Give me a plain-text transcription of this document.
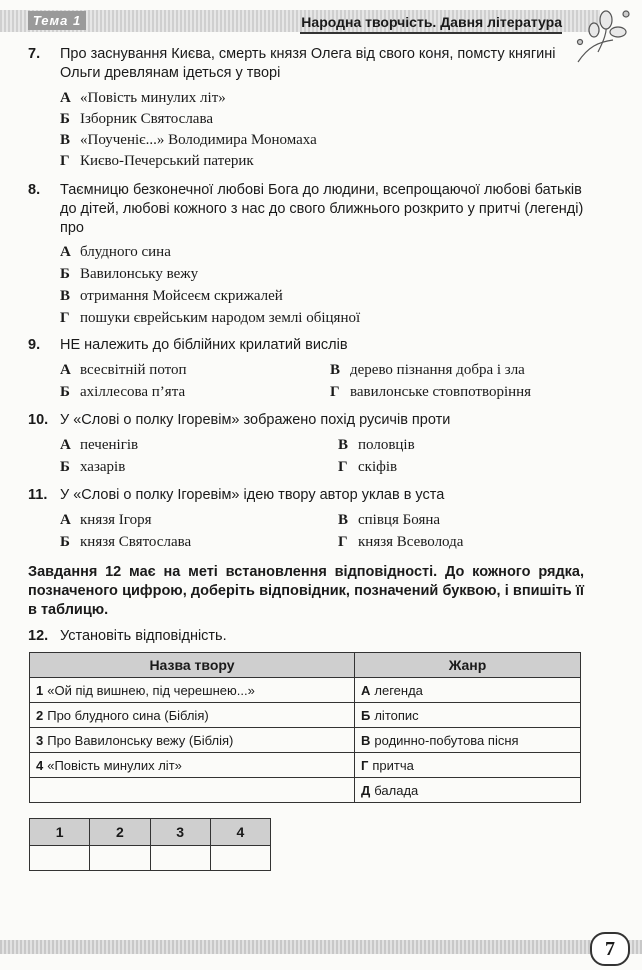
Тема 1	Народна творчість. Давня література
7. Про заснування Києва, смерть князя Олега від свого коня, помсту княгині Ольги древлянам ідеться у творі
А «Повість минулих літ»
Б Ізборник Святослава
В «Поученіє...» Володимира Мономаха
Г Києво-Печерський патерик
8. Таємницю безконечної любові Бога до людини, всепрощаючої любові батьків до дітей, любові кожного з нас до свого ближнього розкрито у притчі (легенді) про
А блудного сина
Б Вавилонську вежу
В отримання Мойсеєм скрижалей
Г пошуки єврейським народом землі обіцяної
9. НЕ належить до біблійних крилатий вислів
А всесвітній потоп
Б ахіллесова п’ята
В дерево пізнання добра і зла
Г вавилонське стовпотворіння
10. У «Слові о полку Ігоревім» зображено похід русичів проти
А печенігів
Б хазарів
В половців
Г скіфів
11. У «Слові о полку Ігоревім» ідею твору автор уклав в уста
А князя Ігоря
Б князя Святослава
В співця Бояна
Г князя Всеволода
Завдання 12 має на меті встановлення відповідності. До кожного рядка, позначеного цифрою, доберіть відповідник, позначений буквою, і впишіть її в таблицю.
12. Установіть відповідність.
Назва твору	Жанр
1 «Ой під вишнею, під черешнею...»	А легенда
2 Про блудного сина (Біблія)	Б літопис
3 Про Вавилонську вежу (Біблія)	В родинно-побутова пісня
4 «Повість минулих літ»	Г притча
	Д балада
1	2	3	4

7
